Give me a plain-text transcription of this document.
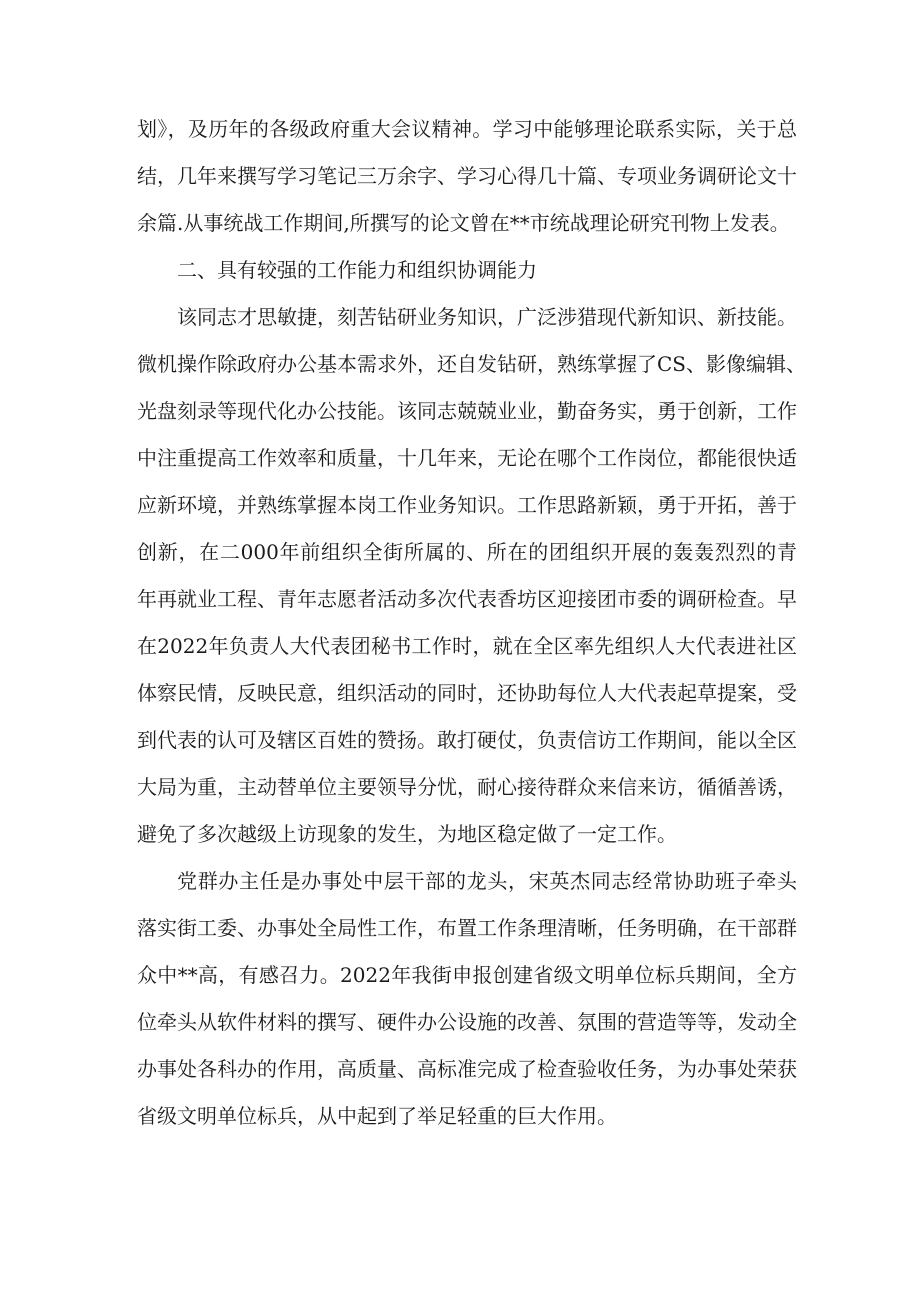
划》，及历年的各级政府重大会议精神。学习中能够理论联系实际，关于总
结，几年来撰写学习笔记三万余字、学习心得几十篇、专项业务调研论文十
余篇.从事统战工作期间,所撰写的论文曾在**市统战理论研究刊物上发表。
二、具有较强的工作能力和组织协调能力
该同志才思敏捷，刻苦钻研业务知识，广泛涉猎现代新知识、新技能。
微机操作除政府办公基本需求外，还自发钻研，熟练掌握了CS、影像编辑、
光盘刻录等现代化办公技能。该同志兢兢业业，勤奋务实，勇于创新，工作
中注重提高工作效率和质量，十几年来，无论在哪个工作岗位，都能很快适
应新环境，并熟练掌握本岗工作业务知识。工作思路新颖，勇于开拓，善于
创新，在二000年前组织全街所属的、所在的团组织开展的轰轰烈烈的青
年再就业工程、青年志愿者活动多次代表香坊区迎接团市委的调研检查。早
在2022年负责人大代表团秘书工作时，就在全区率先组织人大代表进社区
体察民情，反映民意，组织活动的同时，还协助每位人大代表起草提案，受
到代表的认可及辖区百姓的赞扬。敢打硬仗，负责信访工作期间，能以全区
大局为重，主动替单位主要领导分忧，耐心接待群众来信来访，循循善诱，
避免了多次越级上访现象的发生，为地区稳定做了一定工作。
党群办主任是办事处中层干部的龙头，宋英杰同志经常协助班子牵头
落实街工委、办事处全局性工作，布置工作条理清晰，任务明确，在干部群
众中**高，有感召力。2022年我街申报创建省级文明单位标兵期间，全方
位牵头从软件材料的撰写、硬件办公设施的改善、氛围的营造等等，发动全
办事处各科办的作用，高质量、高标准完成了检查验收任务，为办事处荣获
省级文明单位标兵，从中起到了举足轻重的巨大作用。
